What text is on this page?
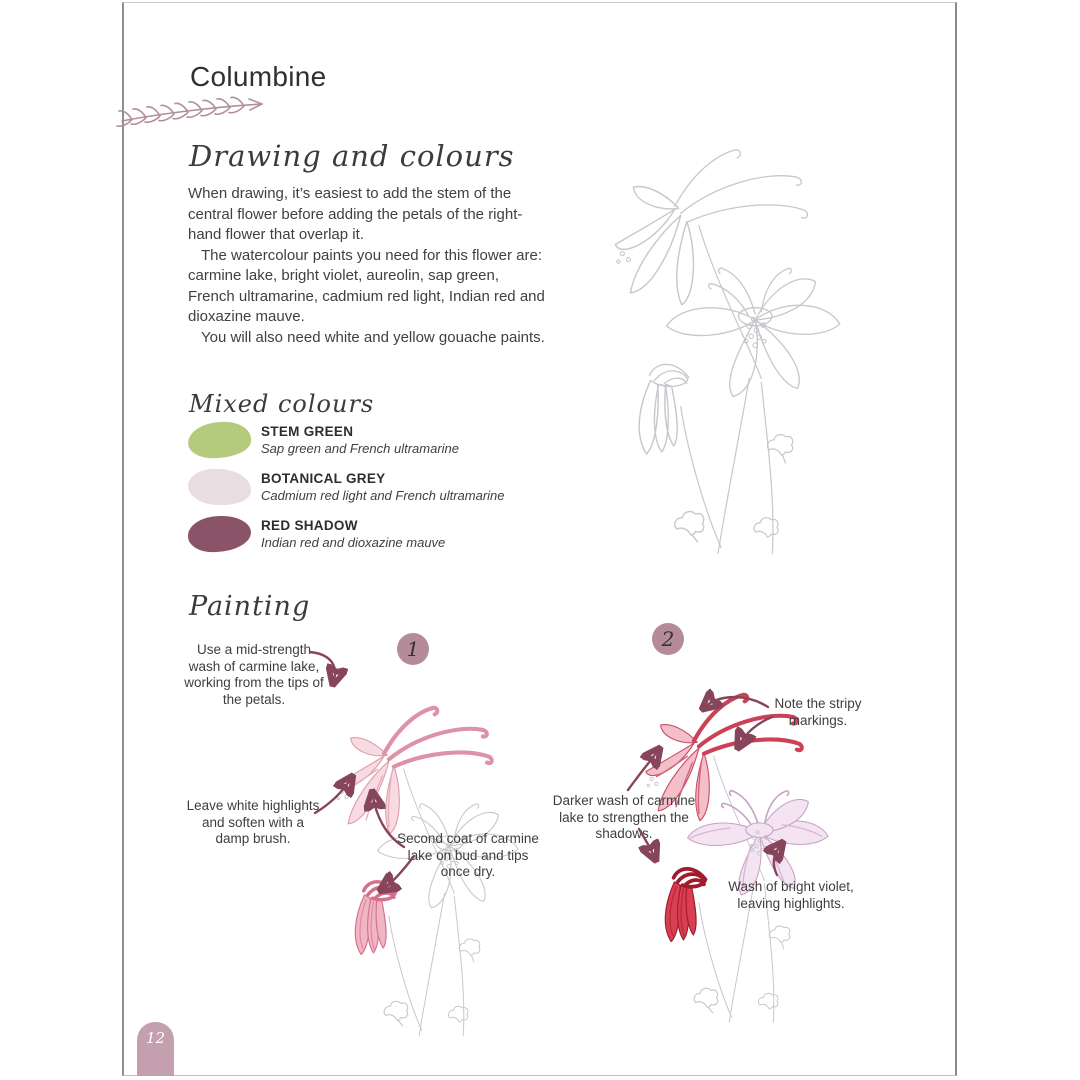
Columbine
Drawing and colours

When drawing, it’s easiest to add the stem of the central flower before adding the petals of the right-hand flower that overlap it.

The watercolour paints you need for this flower are: carmine lake, bright violet, aureolin, sap green, French ultramarine, cadmium red light, Indian red and dioxazine mauve.

You will also need white and yellow gouache paints.

Mixed colours
STEM GREEN
Sap green and French ultramarine
BOTANICAL GREY
Cadmium red light and French ultramarine
RED SHADOW
Indian red and dioxazine mauve
Painting
1	2
Use a mid-strength wash of carmine lake, working from the tips of the petals.
Leave white highlights and soften with a damp brush.	Second coat of carmine lake on bud and tips once dry.
Note the stripy markings.
Darker wash of carmine lake to strengthen the shadows.
Wash of bright violet, leaving highlights.
12
